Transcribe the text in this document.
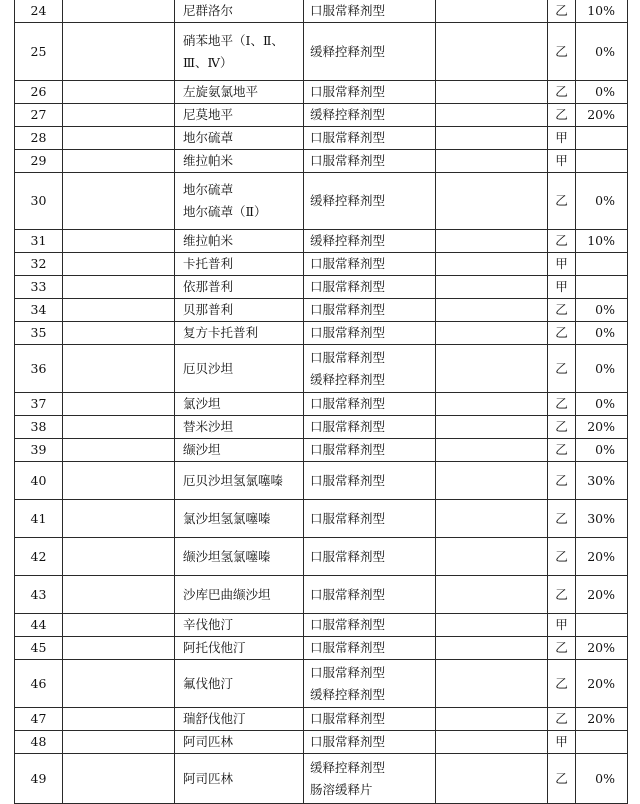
24		尼群洛尔	口服常释剂型		乙	10%
25		硝苯地平（Ⅰ、Ⅱ、
Ⅲ、Ⅳ）	缓释控释剂型		乙	0%
26		左旋氨氯地平	口服常释剂型		乙	0%
27		尼莫地平	缓释控释剂型		乙	20%
28		地尔硫䓬	口服常释剂型		甲	
29		维拉帕米	口服常释剂型		甲	
30		地尔硫䓬
地尔硫䓬（Ⅱ）	缓释控释剂型		乙	0%
31		维拉帕米	缓释控释剂型		乙	10%
32		卡托普利	口服常释剂型		甲	
33		依那普利	口服常释剂型		甲	
34		贝那普利	口服常释剂型		乙	0%
35		复方卡托普利	口服常释剂型		乙	0%
36		厄贝沙坦	口服常释剂型
缓释控释剂型		乙	0%
37		氯沙坦	口服常释剂型		乙	0%
38		替米沙坦	口服常释剂型		乙	20%
39		缬沙坦	口服常释剂型		乙	0%
40		厄贝沙坦氢氯噻嗪	口服常释剂型		乙	30%
41		氯沙坦氢氯噻嗪	口服常释剂型		乙	30%
42		缬沙坦氢氯噻嗪	口服常释剂型		乙	20%
43		沙库巴曲缬沙坦	口服常释剂型		乙	20%
44		辛伐他汀	口服常释剂型		甲	
45		阿托伐他汀	口服常释剂型		乙	20%
46		氟伐他汀	口服常释剂型
缓释控释剂型		乙	20%
47		瑞舒伐他汀	口服常释剂型		乙	20%
48		阿司匹林	口服常释剂型		甲	
49		阿司匹林	缓释控释剂型
肠溶缓释片		乙	0%
